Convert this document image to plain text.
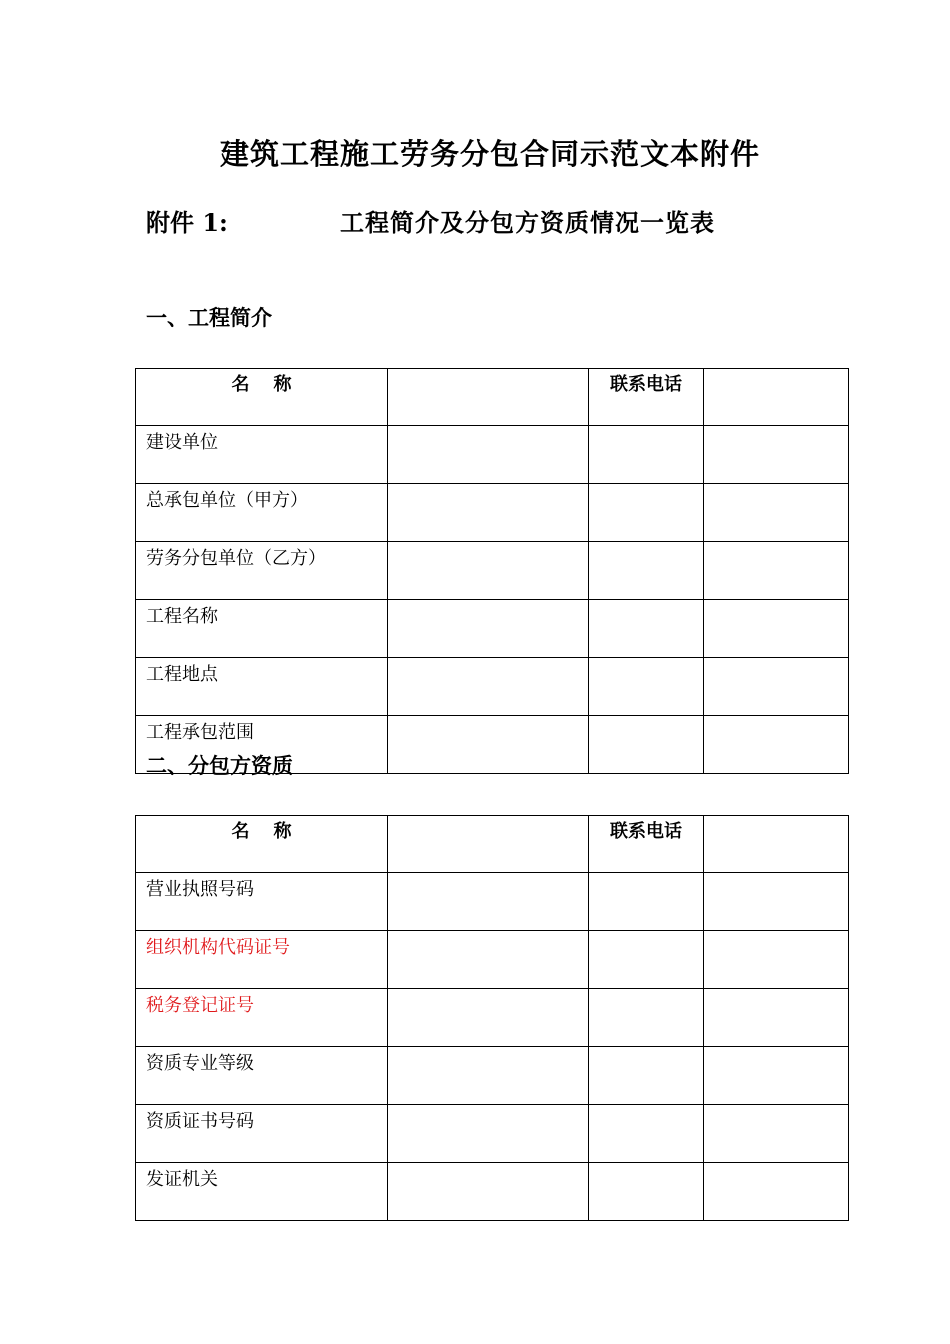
建筑工程施工劳务分包合同示范文本附件
附件 1:	工程简介及分包方资质情况一览表
一、工程简介
名 称		联系电话	
建设单位			
总承包单位（甲方）			
劳务分包单位（乙方）			
工程名称			
工程地点			
工程承包范围			
二、分包方资质
名 称		联系电话	
营业执照号码			
组织机构代码证号			
税务登记证号			
资质专业等级			
资质证书号码			
发证机关			
